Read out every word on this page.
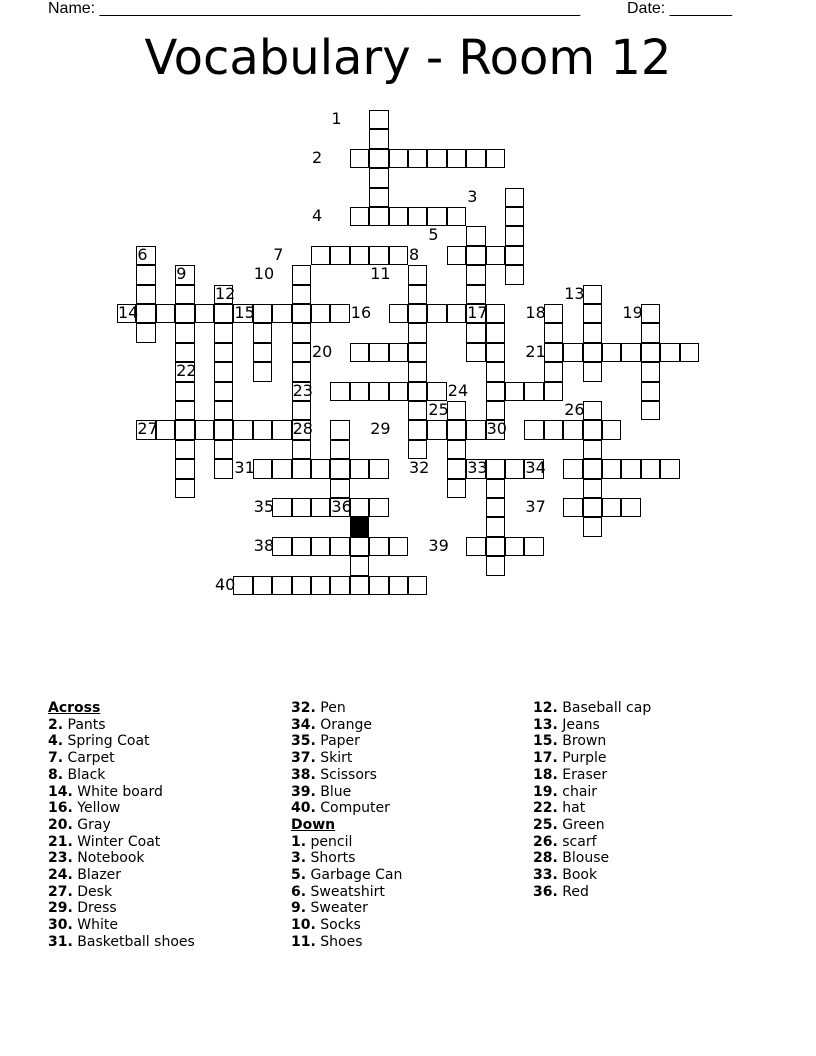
Name: ______________________________________________________	Date: _______
Vocabulary - Room 12
1
2
3
4
5
6	7	8
9	10	11
12	13
14	15	16	17 18	19
20	21
22
23	24
25	26
27	28	29	30
31	32 33 34
35	36	37
38	39
40
Across
2. Pants
4. Spring Coat
7. Carpet
8. Black
14. White board
16. Yellow
20. Gray
21. Winter Coat
23. Notebook
24. Blazer
27. Desk
29. Dress
30. White
31. Basketball shoes
32. Pen
34. Orange
35. Paper
37. Skirt
38. Scissors
39. Blue
40. Computer
Down
1. pencil
3. Shorts
5. Garbage Can
6. Sweatshirt
9. Sweater
10. Socks
11. Shoes
12. Baseball cap
13. Jeans
15. Brown
17. Purple
18. Eraser
19. chair
22. hat
25. Green
26. scarf
28. Blouse
33. Book
36. Red
